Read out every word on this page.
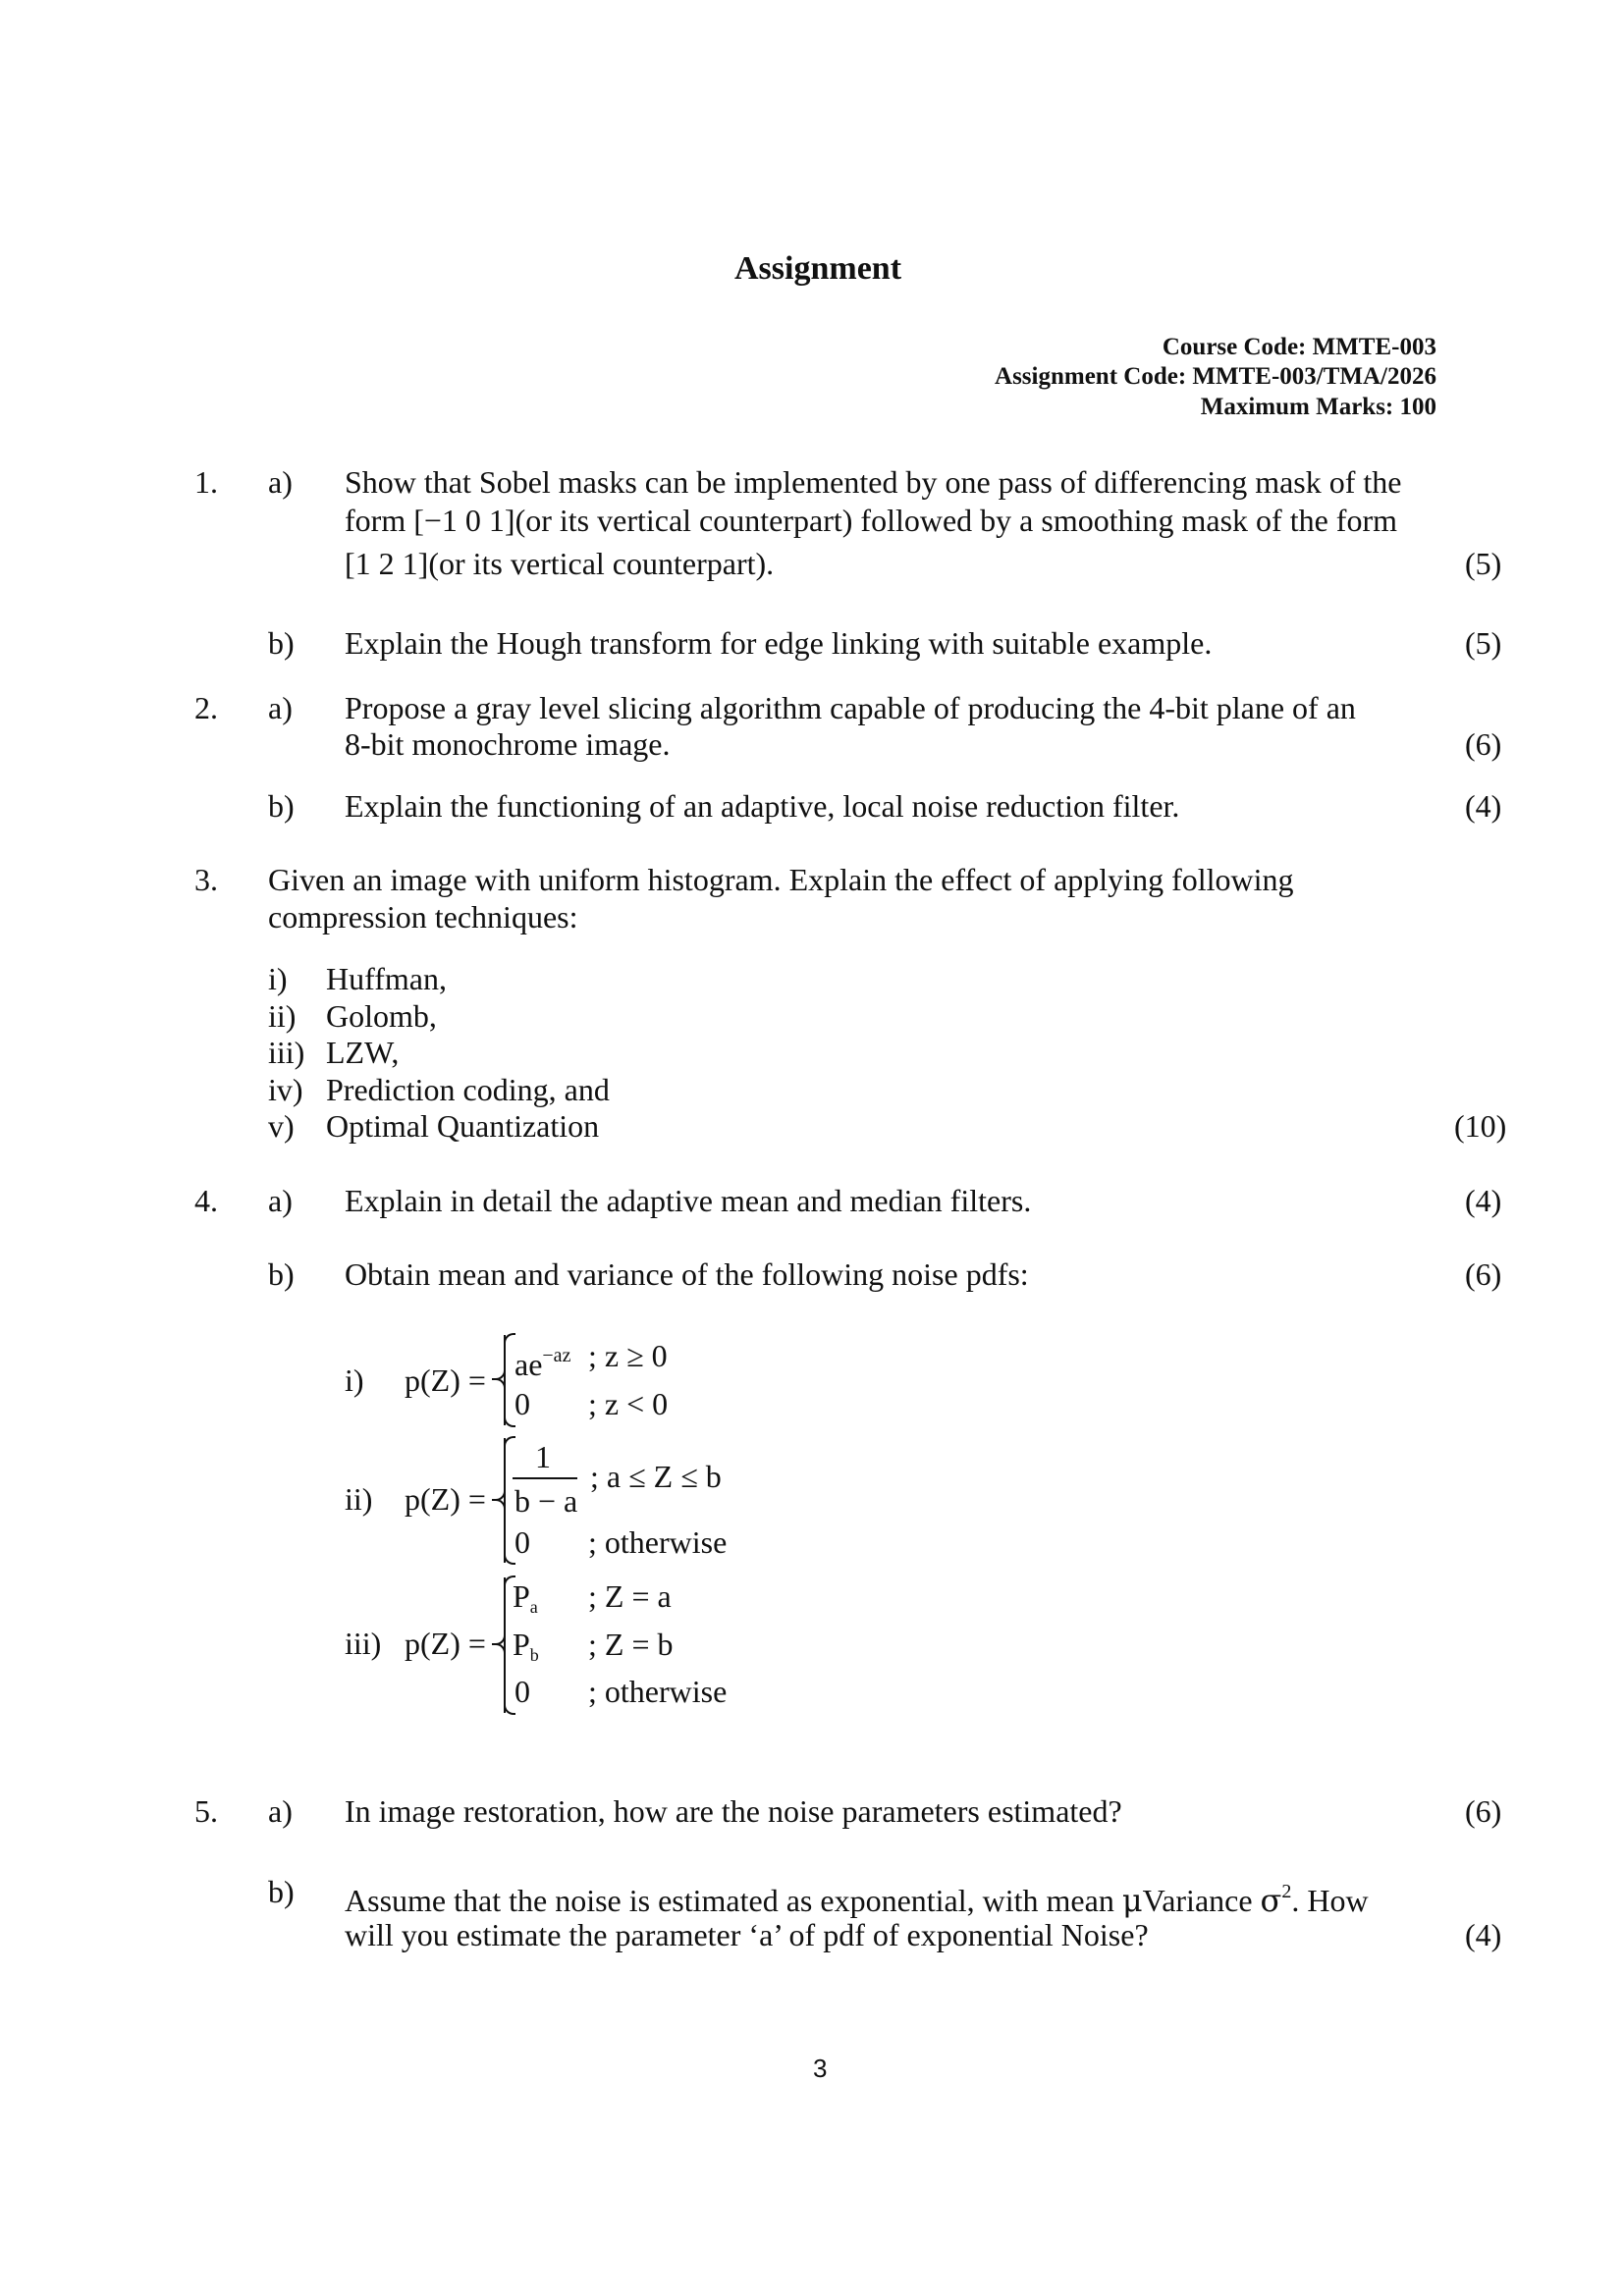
Assignment
Course Code: MMTE-003
Assignment Code: MMTE-003/TMA/2026
Maximum Marks: 100
1. a) Show that Sobel masks can be implemented by one pass of differencing mask of the
form [−1 0 1](or its vertical counterpart) followed by a smoothing mask of the form
[1 2 1](or its vertical counterpart).	(5)
b) Explain the Hough transform for edge linking with suitable example.	(5)
2. a) Propose a gray level slicing algorithm capable of producing the 4-bit plane of an
8-bit monochrome image.	(6)
b) Explain the functioning of an adaptive, local noise reduction filter.	(4)
3. Given an image with uniform histogram. Explain the effect of applying following
compression techniques:
i) Huffman,
ii) Golomb,
iii) LZW,
iv) Prediction coding, and
v) Optimal Quantization	(10)
4. a) Explain in detail the adaptive mean and median filters.	(4)
b) Obtain mean and variance of the following noise pdfs:	(6)
i) $p(Z) = ae^{-az}$ ; z ≥ 0
0 ; z < 0
ii) p(Z) =
1
b − a
; a ≤ Z ≤ b
0 ; otherwise
iii) p(Z) =
$P_a$ ; Z = a
$P_b$ ; Z = b
0 ; otherwise
5. a) In image restoration, how are the noise parameters estimated?	(6)
b) Assume that the noise is estimated as exponential, with mean μVariance $\sigma^2$. How
will you estimate the parameter ‘a’ of pdf of exponential Noise?	(4)
3
